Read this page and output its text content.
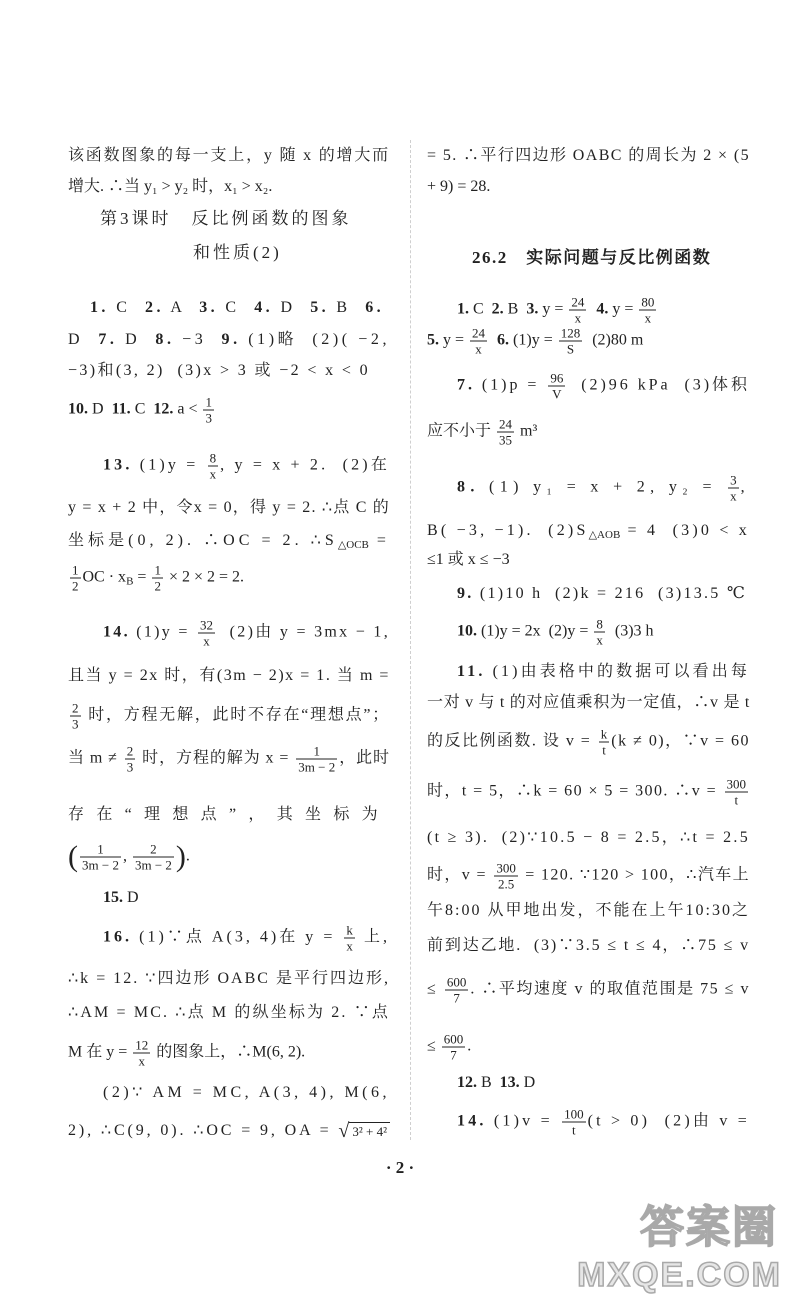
该函数图象的每一支上，y 随 x 的增大而
增大. ∴当 y₁ > y₂ 时，x₁ > x₂.
第3课时　反比例函数的图象
和性质(2)
1. C  2. A  3. C  4. D  5. B  6.
D  7. D  8. −3  9. (1)略  (2)( −2,
−3)和(3, 2)  (3)x > 3 或 −2 < x < 0
10. D  11. C  12. $a < \frac{1}{3}$
13. $(1)y = \frac{8}{x}$ , y = x + 2.  (2)在
y = x + 2 中，令x = 0，得 y = 2. ∴点 C 的
坐标是(0, 2). ∴OC = 2. $\therefore S_{\triangle OCB}$ =
$\frac{1}{2}$ OC · $x_B = \frac{1}{2} \times 2 \times 2 = 2$.
14. $(1)y = \frac{32}{x} (2)$由 y = 3mx − 1,
且当 y = 2x 时，有(3m − 2)x = 1. 当 m =
$\frac{2}{3}$ 时，方程无解，此时不存在“理想点”；
当 $m \ne \frac{2}{3}$ 时，方程的解为 $x = \frac{1}{3m - 2}$ ，此时
存在“理想点”，其坐标为
( $\frac{1}{3m - 2}$ , $\frac{2}{3m - 2}$ ).
15. D
16. (1)∵点 A(3, 4)在 $y = \frac{k}{x}$ 上,
∴k = 12. ∵四边形 OABC 是平行四边形,
∴AM = MC. ∴点 M 的纵坐标为 2. ∵点
M 在 $y = \frac{12}{x}$ 的图象上，∴M(6, 2).
(2)∵ AM = MC, A(3, 4), M(6,
2), ∴C(9, 0). ∴OC = 9, OA = √ 3² + 4²
= 5. ∴平行四边形 OABC 的周长为 2 × (5
+ 9) = 28.
26.2　实际问题与反比例函数
1. C  2. B  3. $y = \frac{24}{x} 4$. $y = \frac{80}{x}$
5. $y = \frac{24}{x} 6$. $(1)y = \frac{128}{S} (2)80$ m
7. $(1)p = \frac{96}{V} (2)96$ kPa  (3)体积
应不小于 $\frac{24}{35} m^3$
8. (1) y₁ = x + 2, $y_2 = \frac{3}{x}$ ,
B( −3, −1).  $(2)S_{\triangle AOB} = 4$  (3)0 < x
≤1 或 x ≤ −3
9. (1)10 h  (2)k = 216  (3)13.5 ℃
10. (1)y = 2x  $(2)y = \frac{8}{x} (3)3$ h
11. (1)由表格中的数据可以看出每
一对 v 与 t 的对应值乘积为一定值，∴v 是 t
的反比例函数. 设 $v = \frac{k}{t} (k \ne 0)$，∵v = 60
时，t = 5，∴k = 60 × 5 = 300. ∴v = $\frac{300}{t}$
(t ≥ 3).  (2)∵10.5 − 8 = 2.5，∴t = 2.5
时，$v = \frac{300}{2.5} = 120$. ∵120 > 100，∴汽车上
午8:00 从甲地出发，不能在上午10:30之
前到达乙地.  (3)∵3.5 ≤ t ≤ 4，∴75 ≤ v
≤ $\frac{600}{7}$ . ∴平均速度 v 的取值范围是 75 ≤ v
≤ $\frac{600}{7}$ .
12. B  13. D
14. $(1)v = \frac{100}{t} (t > 0)$  (2)由 v =
· 2 ·
答案圈
MXQE.COM
